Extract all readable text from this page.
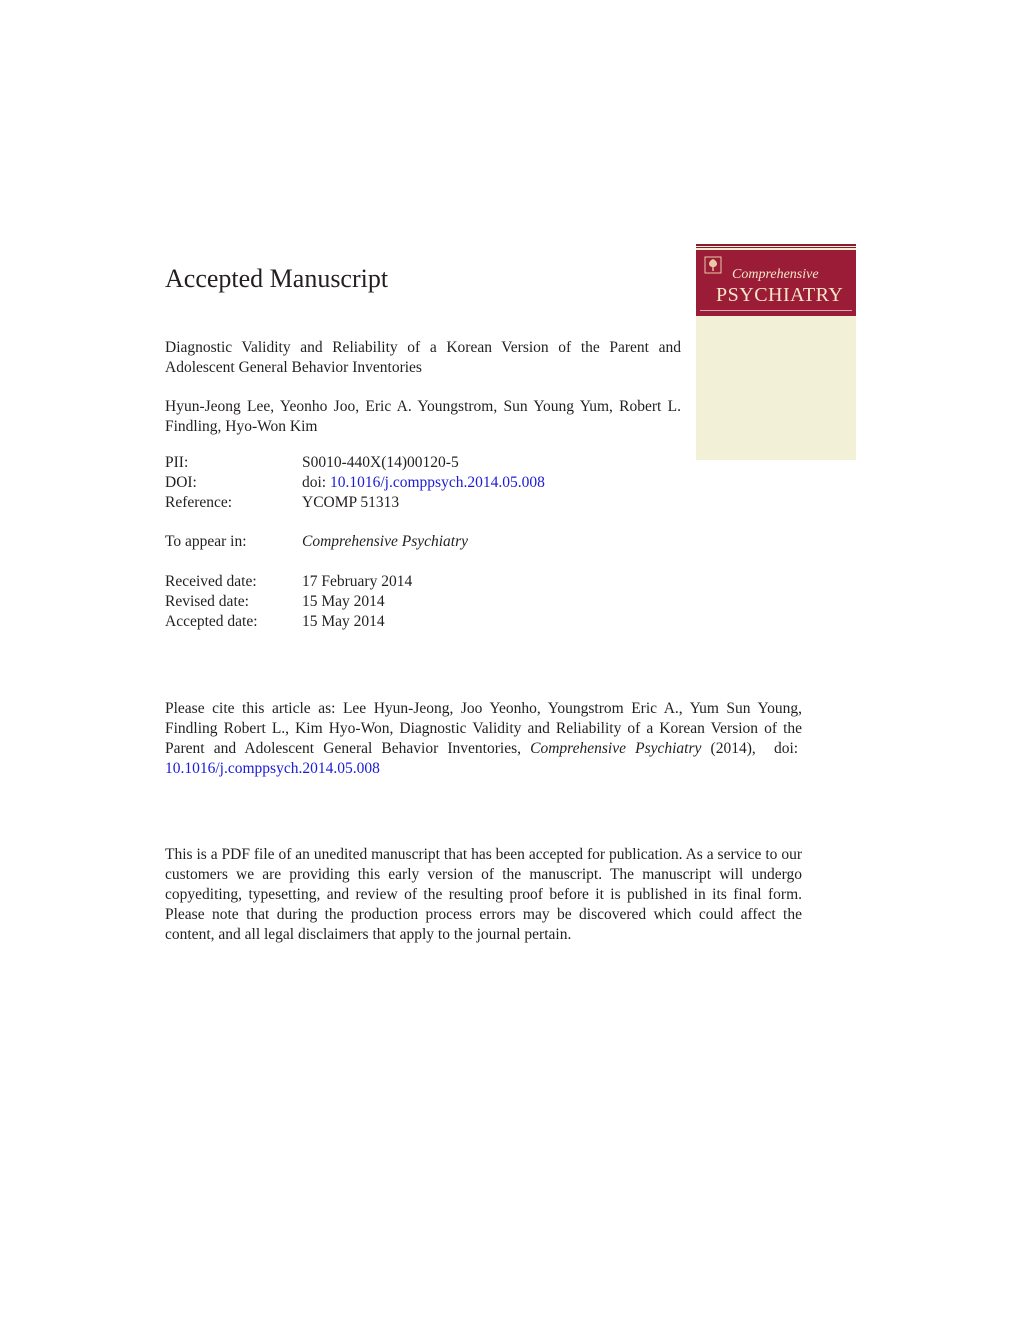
Accepted Manuscript

Diagnostic Validity and Reliability of a Korean Version of the Parent and Adolescent General Behavior Inventories

Hyun-Jeong Lee, Yeonho Joo, Eric A. Youngstrom, Sun Young Yum, Robert L. Findling, Hyo-Won Kim

PII:	S0010-440X(14)00120-5
DOI:	doi: 10.1016/j.comppsych.2014.05.008
Reference:	YCOMP 51313
To appear in:	Comprehensive Psychiatry
Received date:	17 February 2014
Revised date:	15 May 2014
Accepted date:	15 May 2014

Please cite this article as: Lee Hyun-Jeong, Joo Yeonho, Youngstrom Eric A., Yum Sun Young, Findling Robert L., Kim Hyo-Won, Diagnostic Validity and Reliability of a Korean Version of the Parent and Adolescent General Behavior Inventories, Comprehensive Psychiatry (2014), doi:  10.1016/j.comppsych.2014.05.008

This is a PDF file of an unedited manuscript that has been accepted for publication. As a service to our customers we are providing this early version of the manuscript. The manuscript will undergo copyediting, typesetting, and review of the resulting proof before it is published in its final form. Please note that during the production process errors may be discovered which could affect the content, and all legal disclaimers that apply to the journal pertain.

Comprehensive
PSYCHIATRY
